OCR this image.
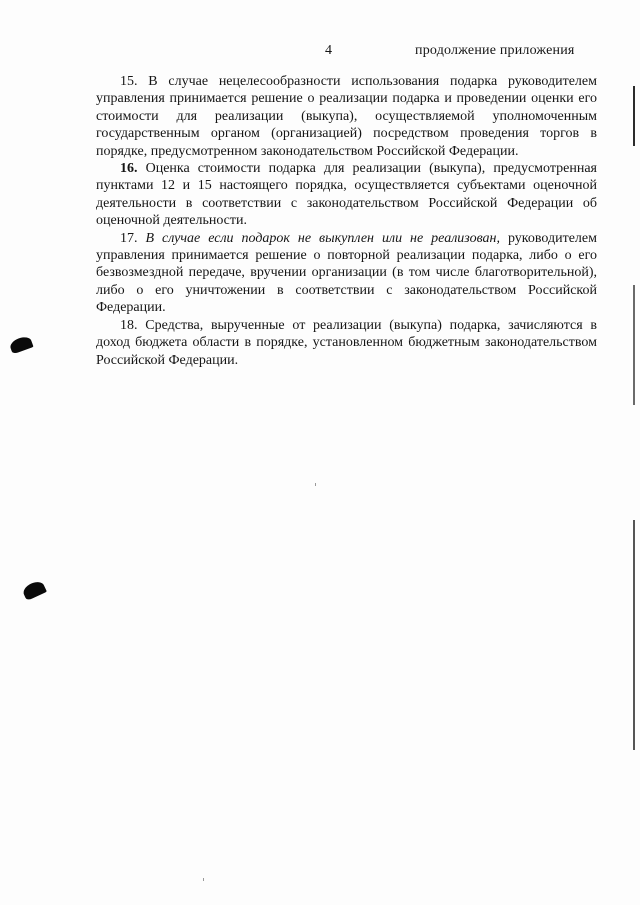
4	продолжение приложения

15. В случае нецелесообразности использования подарка руководителем управления принимается решение о реализации подарка и проведении оценки его стоимости для реализации (выкупа), осуществляемой уполномоченным государственным органом (организацией) посредством проведения торгов в порядке, предусмотренном законодательством Российской Федерации.

16. Оценка стоимости подарка для реализации (выкупа), предусмотренная пунктами 12 и 15 настоящего порядка, осуществляется субъектами оценочной деятельности в соответствии с законодательством Российской Федерации об оценочной деятельности.

17. В случае если подарок не выкуплен или не реализован, руководителем управления принимается решение о повторной реализации подарка, либо о его безвозмездной передаче, вручении организации (в том числе благотворительной), либо о его уничтожении в соответствии с законодательством Российской Федерации.

18. Средства, вырученные от реализации (выкупа) подарка, зачисляются в доход бюджета области в порядке, установленном бюджетным законодательством Российской Федерации.
